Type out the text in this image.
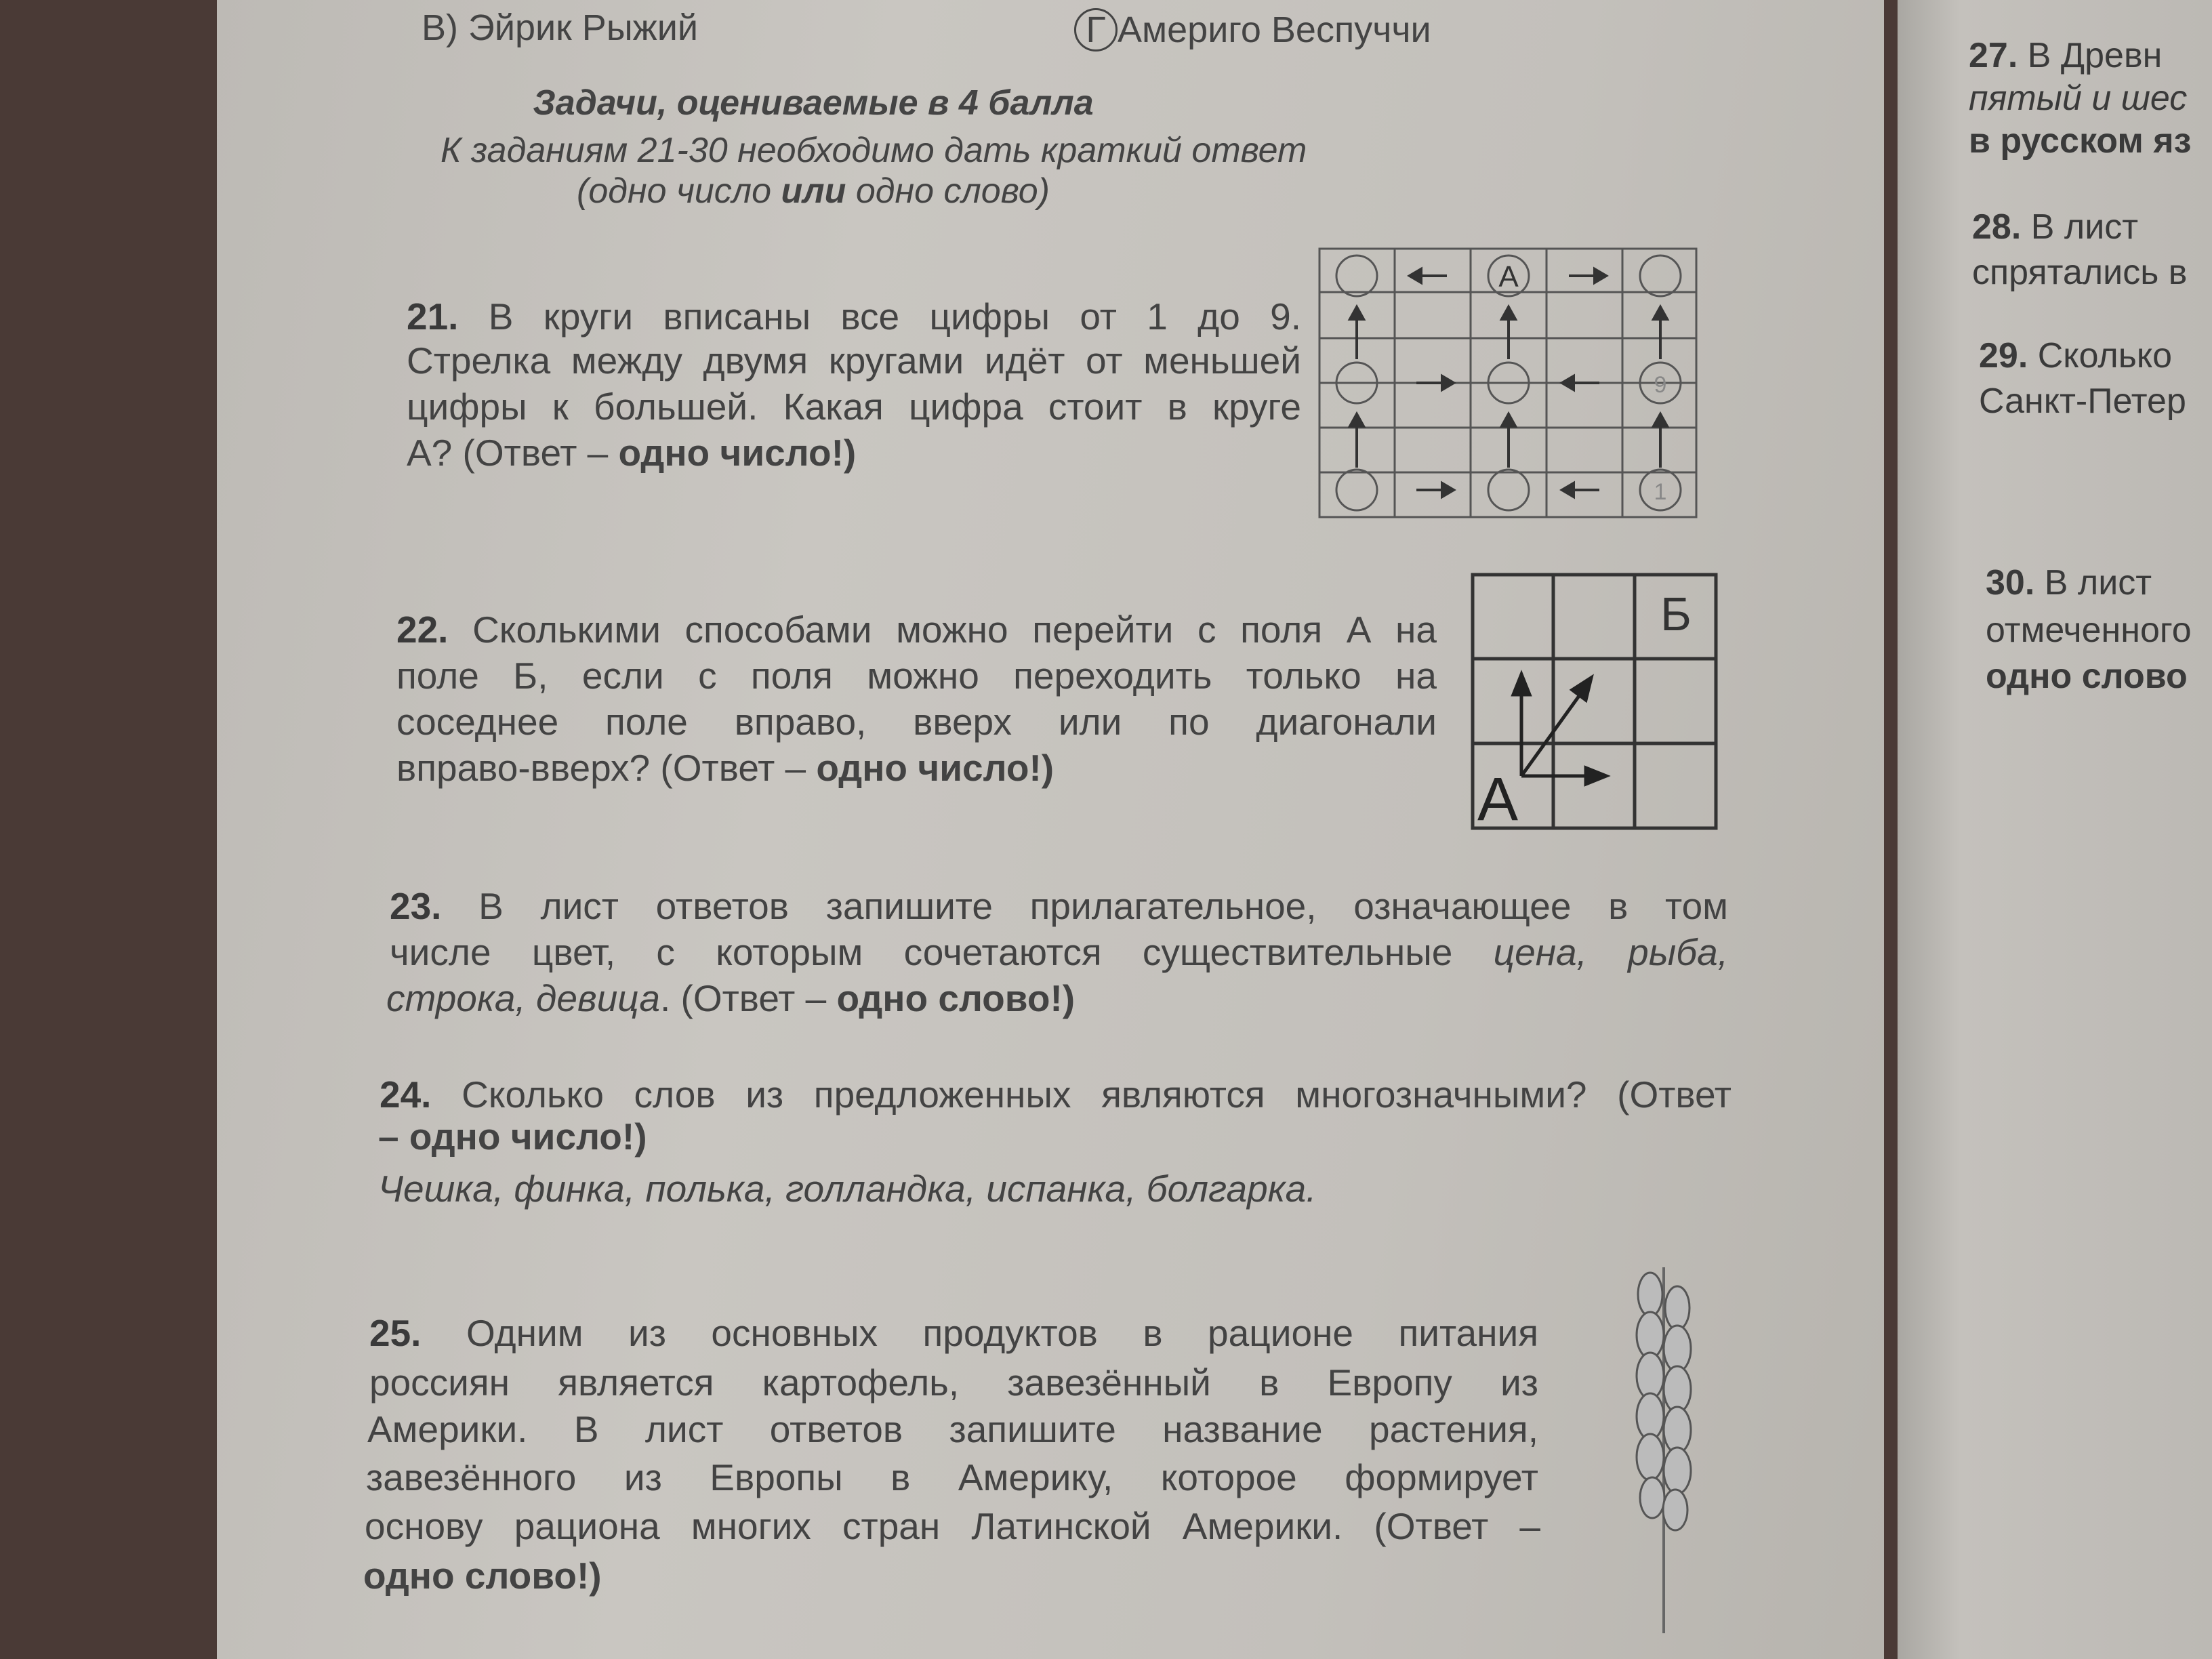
В) Эйрик Рыжий	Г Америго Веспуччи
Задачи, оцениваемые в 4 балла
К заданиям 21-30 необходимо дать краткий ответ
(одно число или одно слово)
21. В круги вписаны все цифры от 1 до 9.
Стрелка между двумя кругами идёт от меньшей
цифры к большей. Какая цифра стоит в круге
А? (Ответ – одно число!)
А
9
1
22. Сколькими способами можно перейти с поля А на
поле Б, если с поля можно переходить только на
соседнее поле вправо, вверх или по диагонали
вправо-вверх? (Ответ – одно число!)	А
Б
23. В лист ответов запишите прилагательное, означающее в том
числе цвет, с которым сочетаются существительные цена, рыба,
строка, девица. (Ответ – одно слово!)
24. Сколько слов из предложенных являются многозначными? (Ответ
– одно число!)
Чешка, финка, полька, голландка, испанка, болгарка.
25. Одним из основных продуктов в рационе питания
россиян является картофель, завезённый в Европу из
Америки. В лист ответов запишите название растения,
завезённого из Европы в Америку, которое формирует
основу рациона многих стран Латинской Америки. (Ответ –
одно слово!)
27. В Древн
пятый и шес
в русском яз
28. В лист
спрятались в
29. Сколько
Санкт-Петер
30. В лист
отмеченного
одно слово
